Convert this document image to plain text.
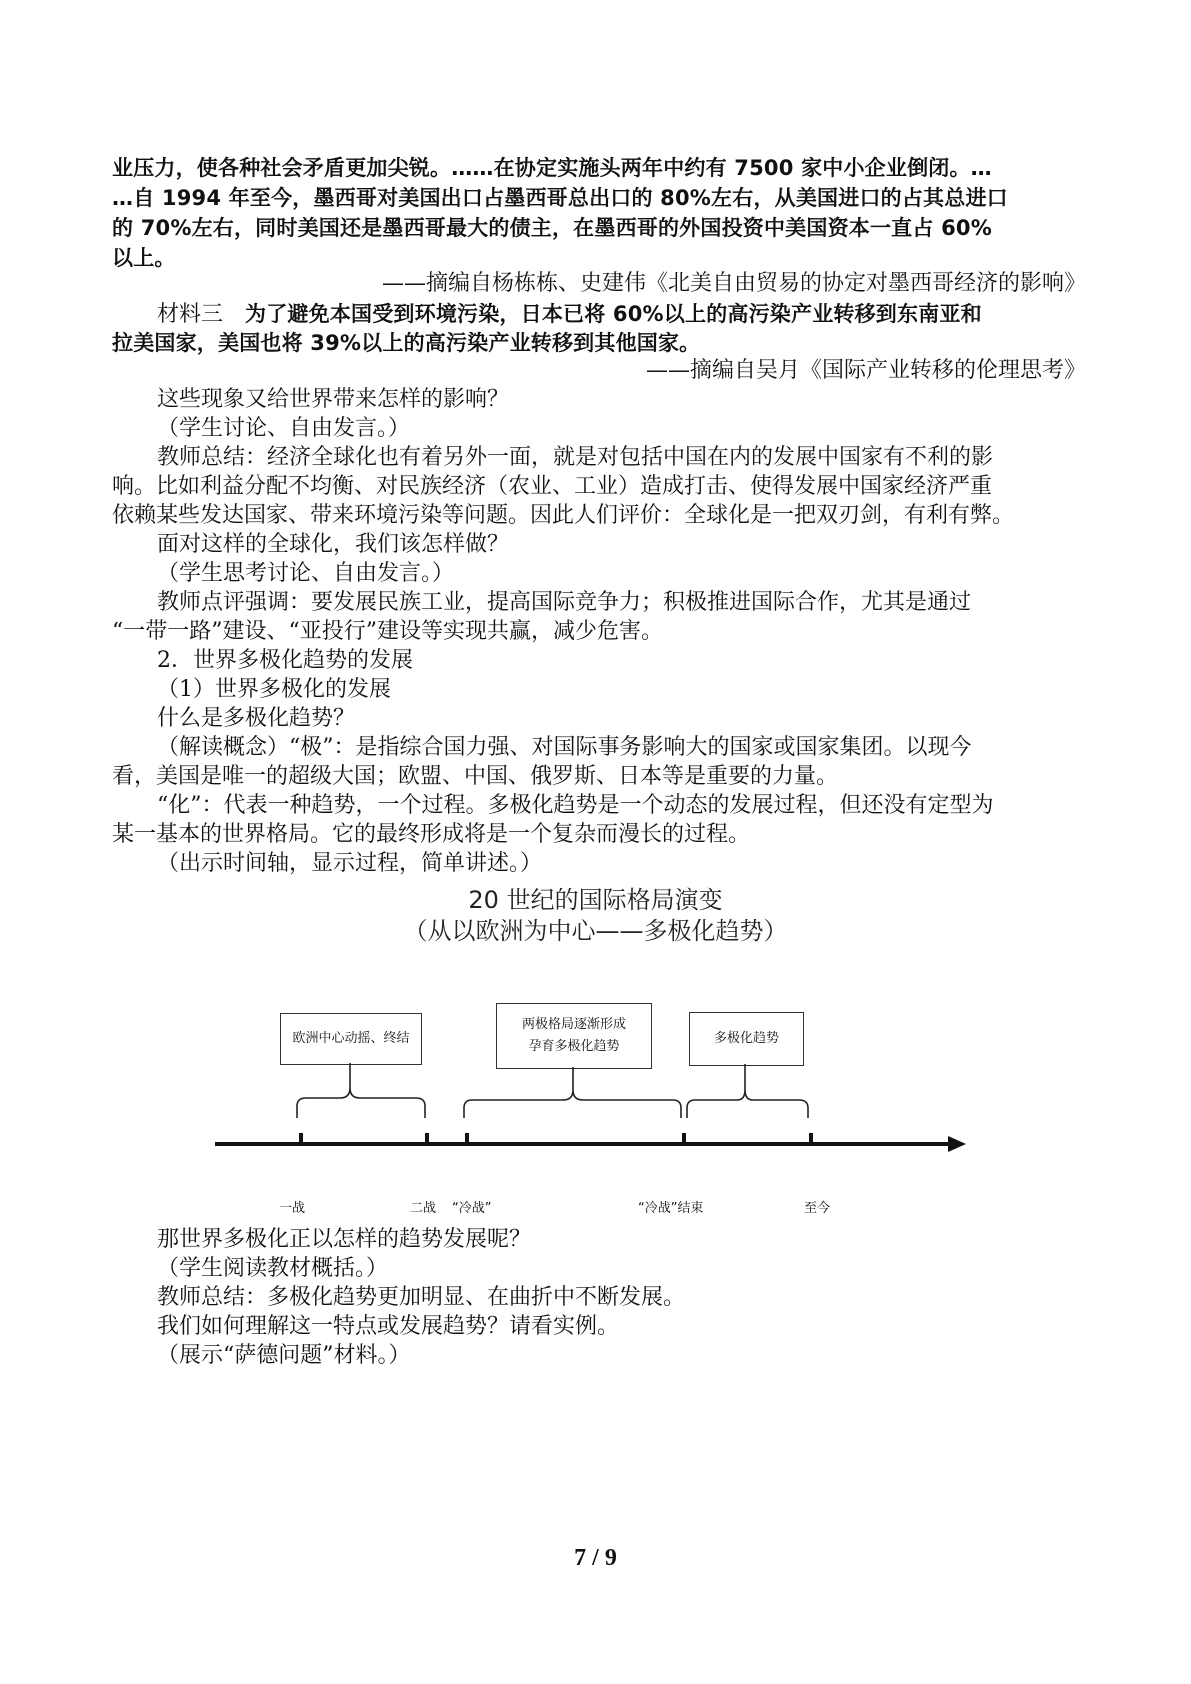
业压力，使各种社会矛盾更加尖锐。……在协定实施头两年中约有 7500 家中小企业倒闭。…
…自 1994 年至今，墨西哥对美国出口占墨西哥总出口的 80%左右，从美国进口的占其总进口
的 70%左右，同时美国还是墨西哥最大的债主，在墨西哥的外国投资中美国资本一直占 60%
以上。
——摘编自杨栋栋、史建伟《北美自由贸易的协定对墨西哥经济的影响》
材料三 为了避免本国受到环境污染，日本已将 60%以上的高污染产业转移到东南亚和
拉美国家，美国也将 39%以上的高污染产业转移到其他国家。
——摘编自吴月《国际产业转移的伦理思考》
这些现象又给世界带来怎样的影响？
（学生讨论、自由发言。）
教师总结：经济全球化也有着另外一面，就是对包括中国在内的发展中国家有不利的影
响。比如利益分配不均衡、对民族经济（农业、工业）造成打击、使得发展中国家经济严重
依赖某些发达国家、带来环境污染等问题。因此人们评价：全球化是一把双刃剑，有利有弊。
面对这样的全球化，我们该怎样做？
（学生思考讨论、自由发言。）
教师点评强调：要发展民族工业，提高国际竞争力；积极推进国际合作，尤其是通过
“一带一路”建设、“亚投行”建设等实现共赢，减少危害。
2．世界多极化趋势的发展
（1）世界多极化的发展
什么是多极化趋势？
（解读概念）“极”：是指综合国力强、对国际事务影响大的国家或国家集团。以现今
看，美国是唯一的超级大国；欧盟、中国、俄罗斯、日本等是重要的力量。
“化”：代表一种趋势，一个过程。多极化趋势是一个动态的发展过程，但还没有定型为
某一基本的世界格局。它的最终形成将是一个复杂而漫长的过程。
（出示时间轴，显示过程，简单讲述。）
20 世纪的国际格局演变
（从以欧洲为中心——多极化趋势）
欧洲中心动摇、终结
两极格局逐渐形成
孕育多极化趋势
多极化趋势
一战	二战 “冷战”	“冷战”结束	至今
那世界多极化正以怎样的趋势发展呢？
（学生阅读教材概括。）
教师总结：多极化趋势更加明显、在曲折中不断发展。
我们如何理解这一特点或发展趋势？请看实例。
（展示“萨德问题”材料。）
7 / 9
